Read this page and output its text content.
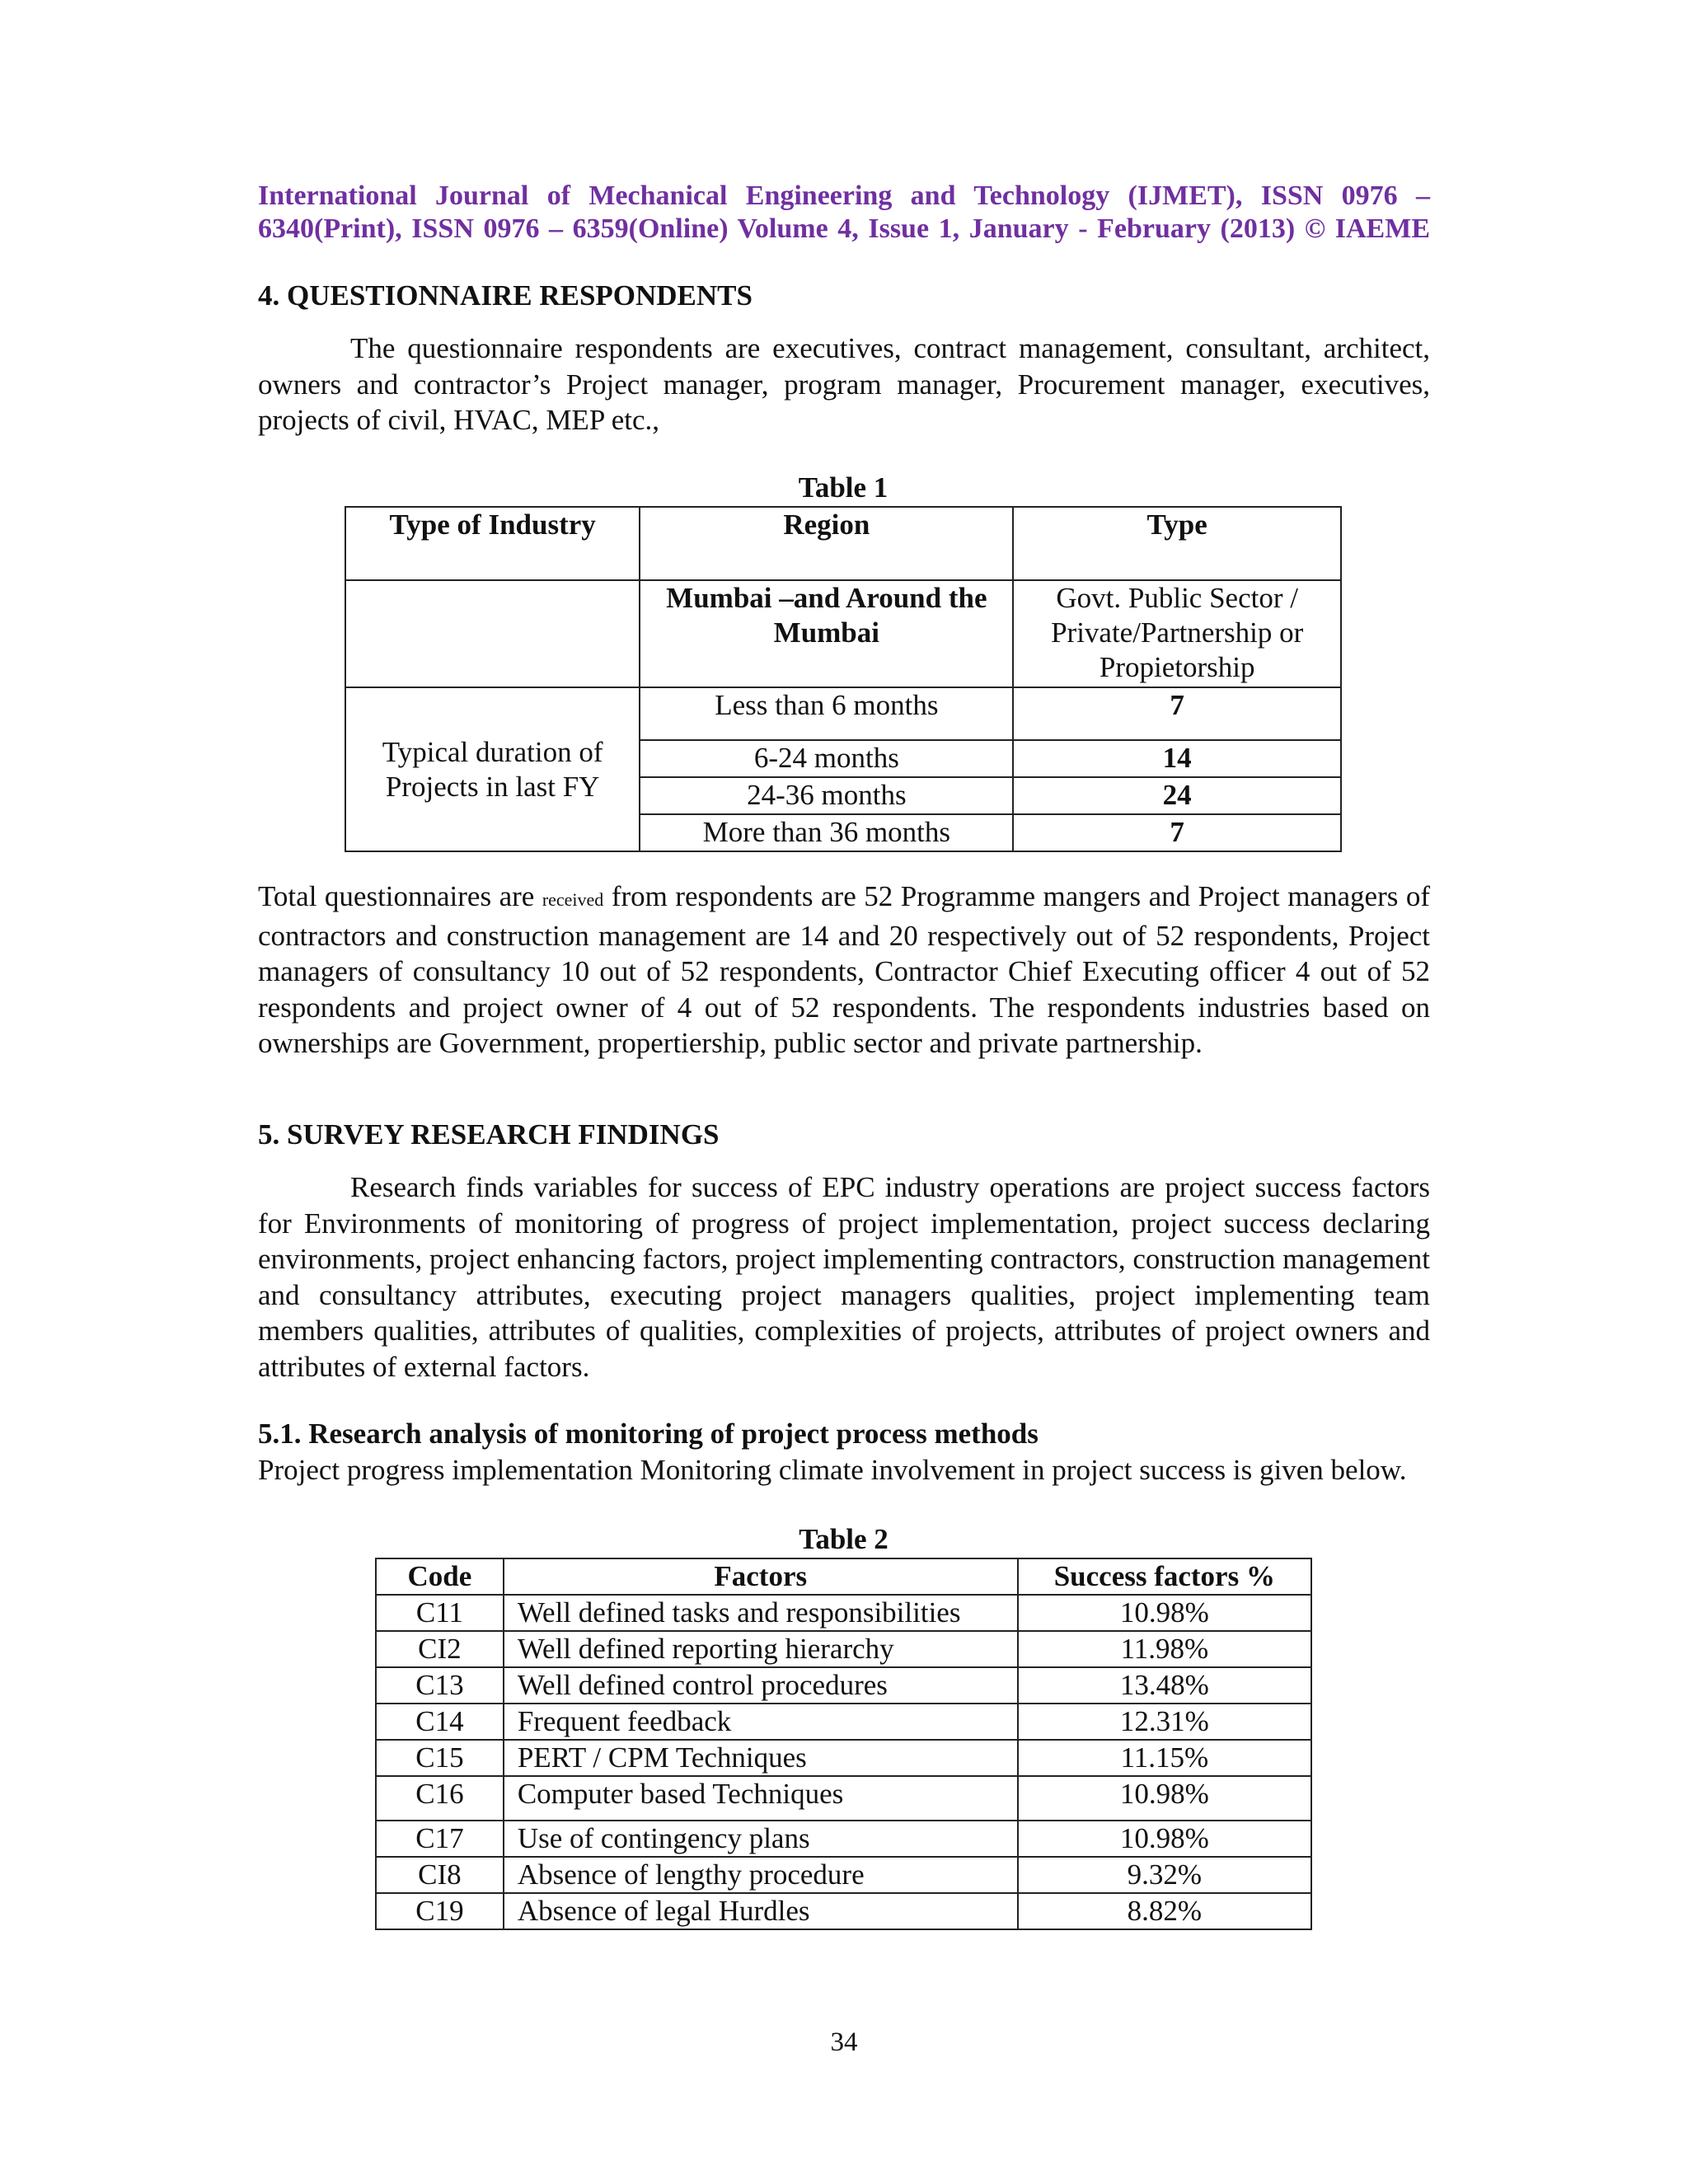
International Journal of Mechanical Engineering and Technology (IJMET), ISSN 0976 –
6340(Print), ISSN 0976 – 6359(Online) Volume 4, Issue 1, January - February (2013) © IAEME
4. QUESTIONNAIRE RESPONDENTS

The questionnaire respondents are executives, contract management, consultant, architect, owners and contractor’s Project manager, program manager, Procurement manager, executives, projects of civil, HVAC, MEP etc.,

Table 1
Type of Industry	Region	Type
	Mumbai –and Around the Mumbai	Govt. Public Sector / Private/Partnership or Propietorship
Typical duration of Projects in last FY	Less than 6 months	7
	6-24 months	14
	24-36 months	24
	More than 36 months	7

Total questionnaires are received from respondents are 52 Programme mangers and Project managers of contractors and construction management are 14 and 20 respectively out of 52 respondents, Project managers of consultancy 10 out of 52 respondents, Contractor Chief Executing officer 4 out of 52 respondents and project owner of 4 out of 52 respondents. The respondents industries based on ownerships are Government, propertiership, public sector and private partnership.

5. SURVEY RESEARCH FINDINGS

Research finds variables for success of EPC industry operations are project success factors for Environments of monitoring of progress of project implementation, project success declaring environments, project enhancing factors, project implementing contractors, construction management and consultancy attributes, executing project managers qualities, project implementing team members qualities, attributes of qualities, complexities of projects, attributes of project owners and attributes of external factors.

5.1. Research analysis of monitoring of project process methods

Project progress implementation Monitoring climate involvement in project success is given below.

Table 2
Code	Factors	Success factors %
C11	Well defined tasks and responsibilities	10.98%
CI2	Well defined reporting hierarchy	11.98%
C13	Well defined control procedures	13.48%
C14	Frequent feedback	12.31%
C15	PERT / CPM Techniques	11.15%
C16	Computer based Techniques	10.98%
C17	Use of contingency plans	10.98%
CI8	Absence of lengthy procedure	9.32%
C19	Absence of legal Hurdles	8.82%
34
